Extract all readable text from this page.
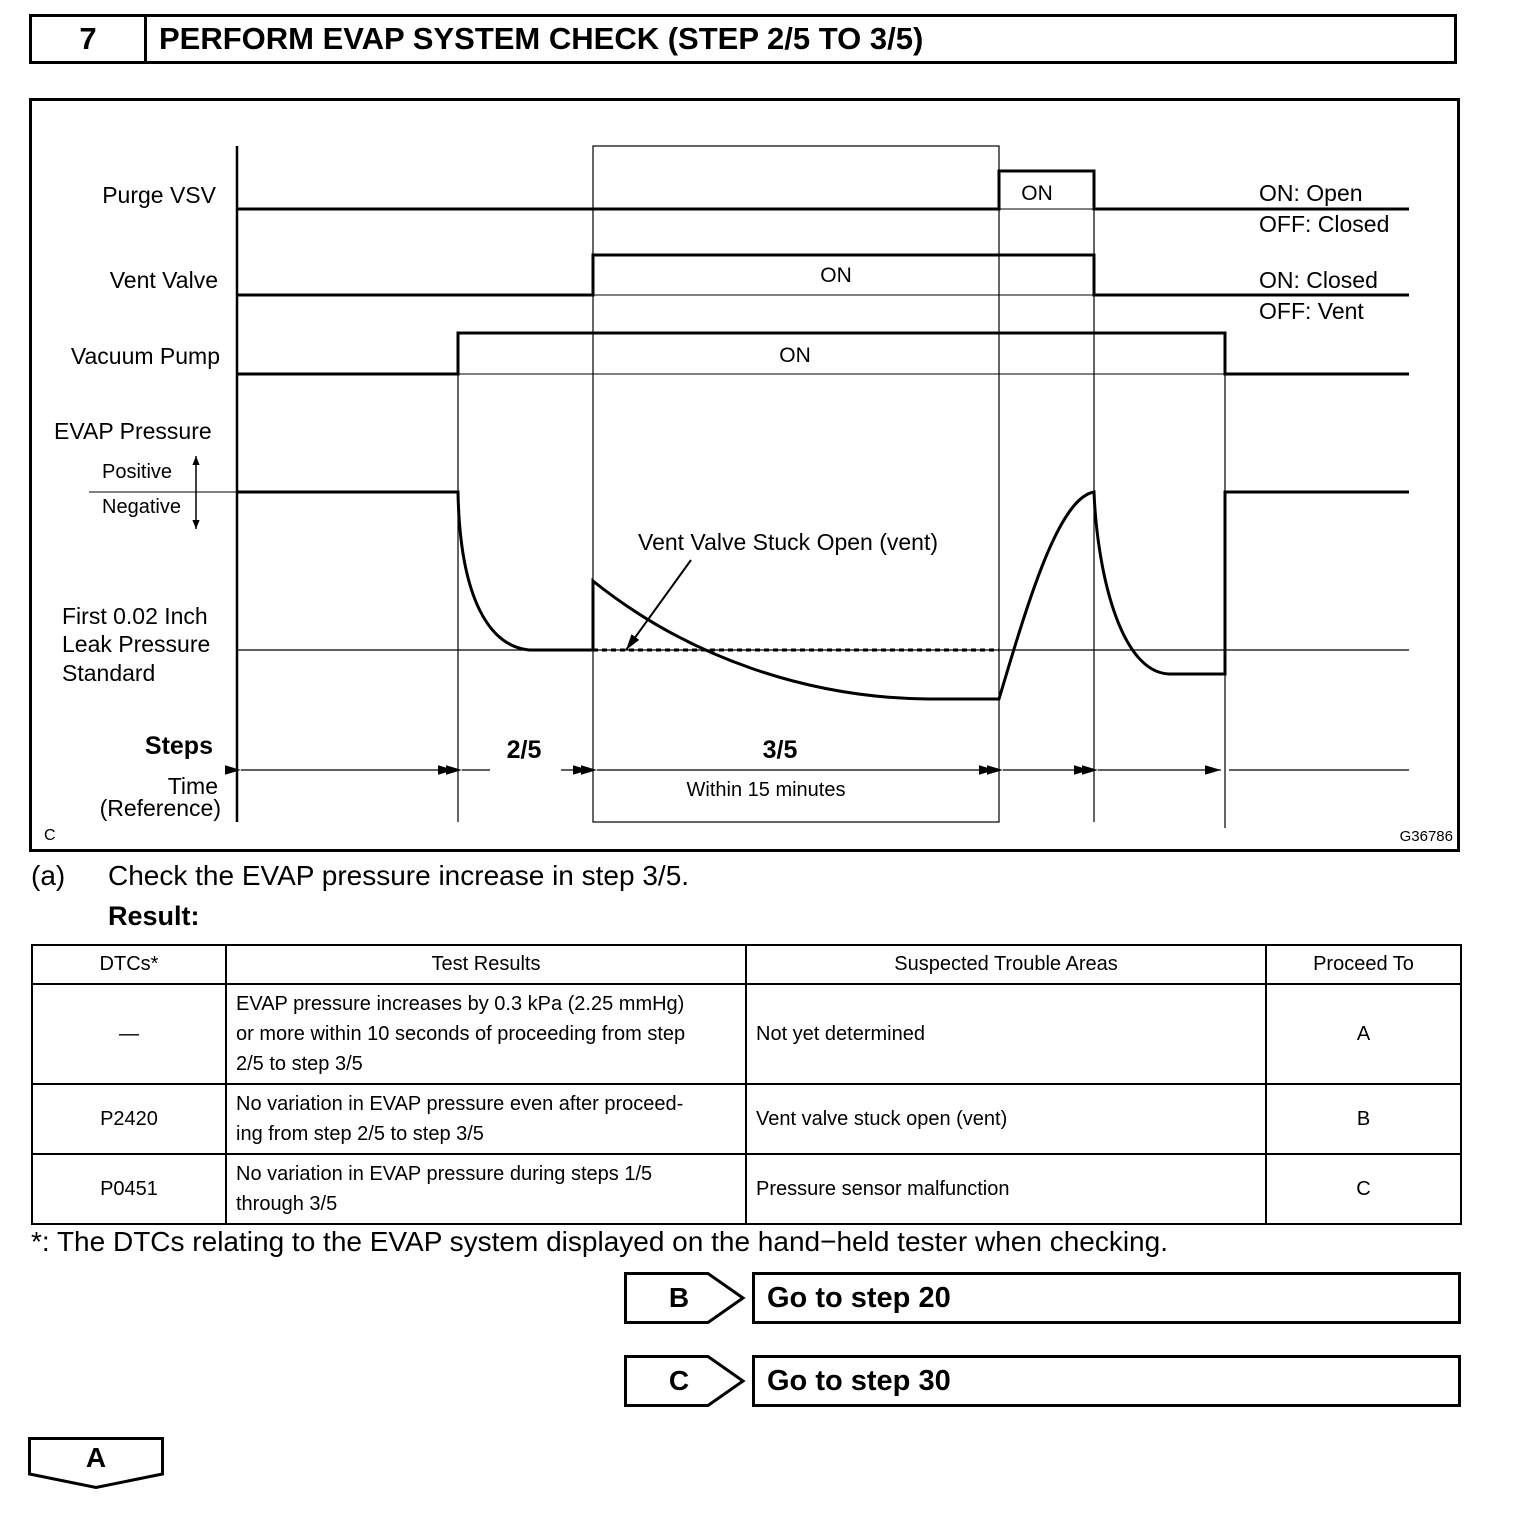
7	PERFORM EVAP SYSTEM CHECK (STEP 2/5 TO 3/5)
Purge VSV
Vent Valve
Vacuum Pump
EVAP Pressure
Positive
Negative
First 0.02 Inch
Leak Pressure
Standard
Steps
Time
(Reference)
ON
ON
ON
ON: Open
OFF: Closed
ON: Closed
OFF: Vent
Vent Valve Stuck Open (vent)
2/5	3/5
Within 15 minutes
C	G36786
(a) Check the EVAP pressure increase in step 3/5.
Result:
DTCs*	Test Results	Suspected Trouble Areas	Proceed To
—	EVAP pressure increases by 0.3 kPa (2.25 mmHg)
or more within 10 seconds of proceeding from step
2/5 to step 3/5	Not yet determined	A
P2420	No variation in EVAP pressure even after proceed-
ing from step 2/5 to step 3/5	Vent valve stuck open (vent)	B
P0451	No variation in EVAP pressure during steps 1/5
through 3/5	Pressure sensor malfunction	C
*: The DTCs relating to the EVAP system displayed on the hand−held tester when checking.
B	Go to step 20
C	Go to step 30
A
